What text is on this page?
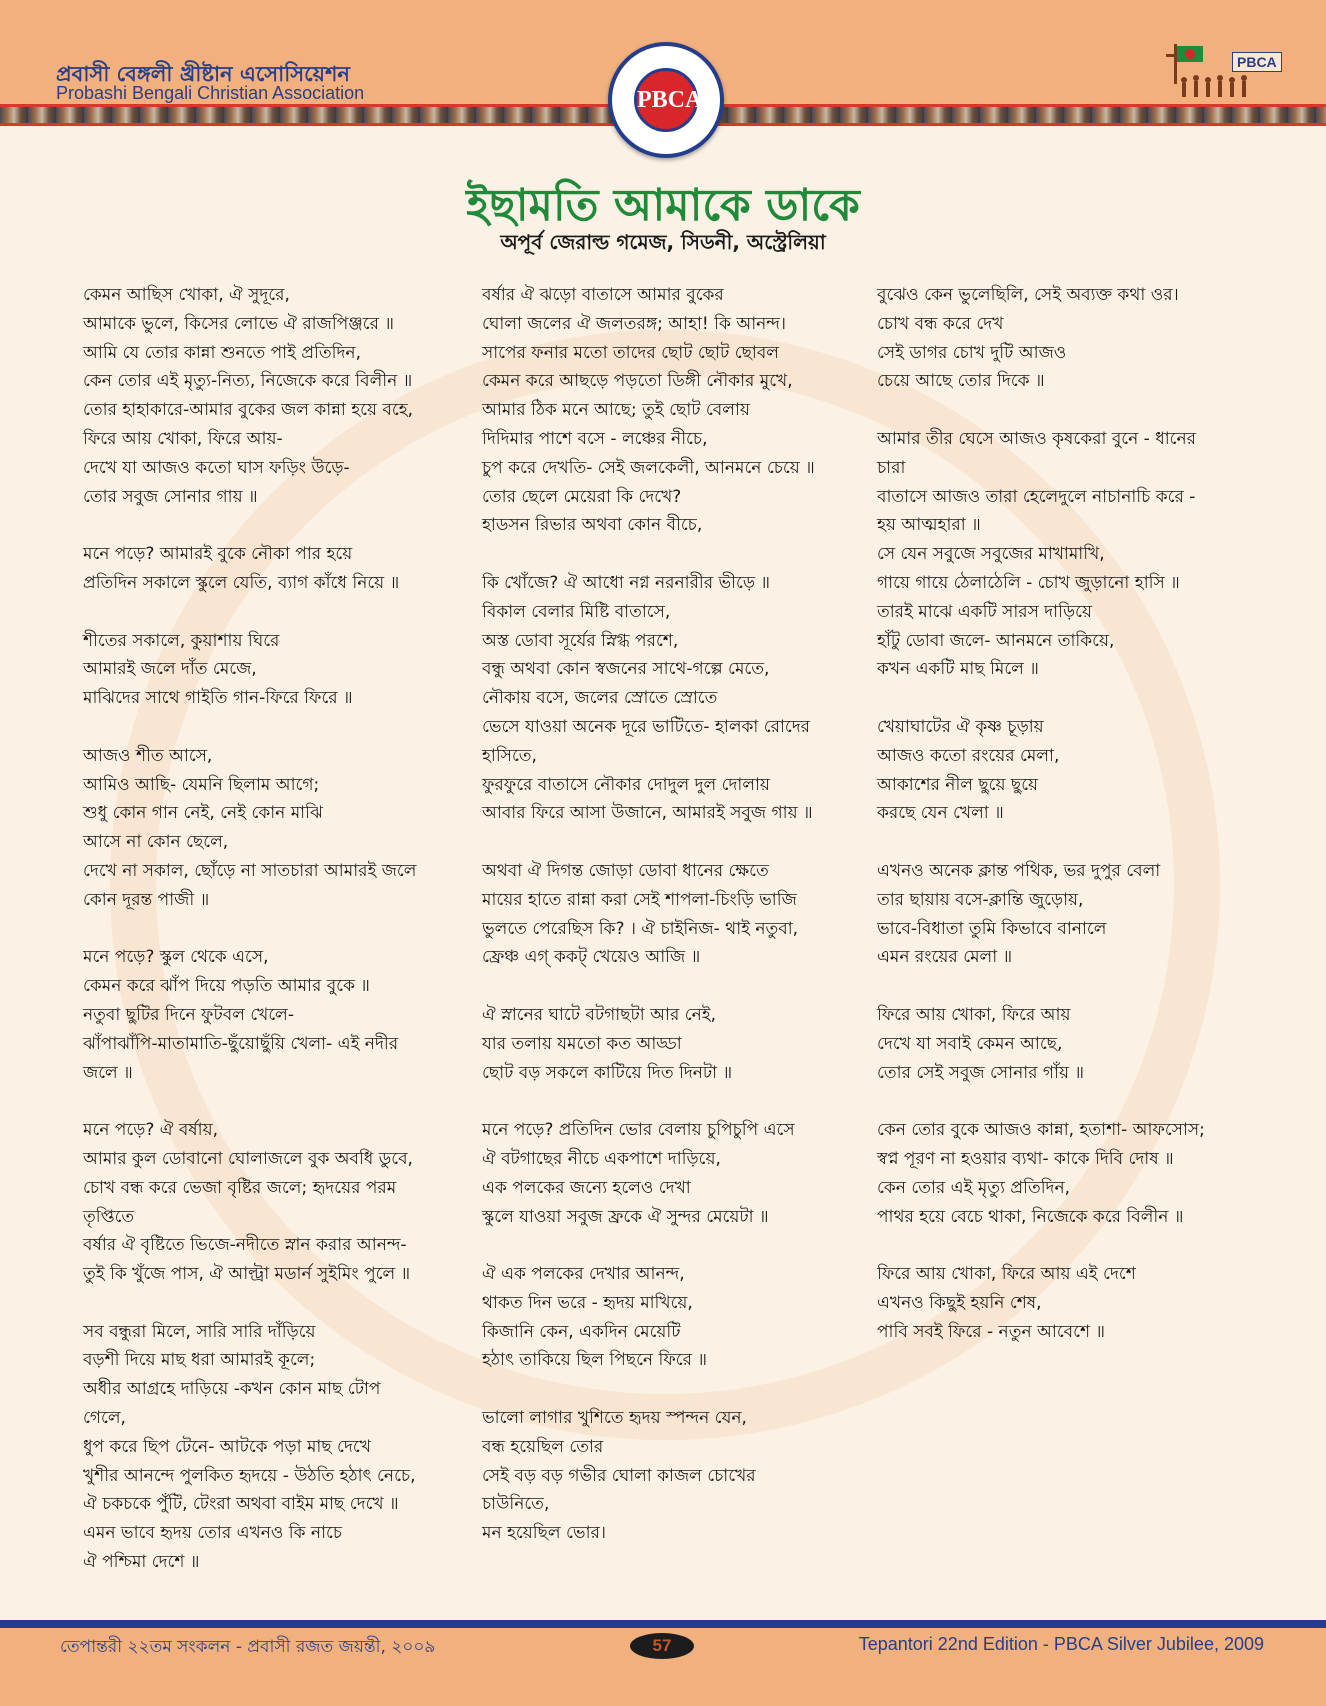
প্রবাসী বেঙ্গলী খ্রীষ্টান এসোসিয়েশন
Probashi Bengali Christian Association	PBCA
PBCA
ইছামতি আমাকে ডাকে
অপূর্ব জেরাল্ড গমেজ, সিডনী, অস্ট্রেলিয়া
কেমন আছিস খোকা, ঐ সুদূরে,
আমাকে ভুলে, কিসের লোভে ঐ রাজপিঞ্জরে ॥
আমি যে তোর কান্না শুনতে পাই প্রতিদিন,
কেন তোর এই মৃত্যু-নিত্য, নিজেকে করে বিলীন ॥
তোর হাহাকারে-আমার বুকের জল কান্না হয়ে বহে,
ফিরে আয় খোকা, ফিরে আয়-
দেখে যা আজও কতো ঘাস ফড়িং উড়ে-
তোর সবুজ সোনার গায় ॥
মনে পড়ে? আমারই বুকে নৌকা পার হয়ে
প্রতিদিন সকালে স্কুলে যেতি, ব্যাগ কাঁধে নিয়ে ॥
শীতের সকালে, কুয়াশায় ঘিরে
আমারই জলে দাঁত মেজে,
মাঝিদের সাথে গাইতি গান-ফিরে ফিরে ॥
আজও শীত আসে,
আমিও আছি- যেমনি ছিলাম আগে;
শুধু কোন গান নেই, নেই কোন মাঝি
আসে না কোন ছেলে,
দেখে না সকাল, ছোঁড়ে না সাতচারা আমারই জলে
কোন দূরন্ত পাজী ॥
মনে পড়ে? স্কুল থেকে এসে,
কেমন করে ঝাঁপ দিয়ে পড়তি আমার বুকে ॥
নতুবা ছুটির দিনে ফুটবল খেলে-
ঝাঁপাঝাঁপি-মাতামাতি-ছুঁয়োছুঁয়ি খেলা- এই নদীর
জলে ॥
মনে পড়ে? ঐ বর্ষায়,
আমার কুল ডোবানো ঘোলাজলে বুক অবধি ডুবে,
চোখ বন্ধ করে ভেজা বৃষ্টির জলে; হৃদয়ের পরম
তৃপ্তিতে
বর্ষার ঐ বৃষ্টিতে ভিজে-নদীতে স্নান করার আনন্দ-
তুই কি খুঁজে পাস, ঐ আল্ট্রা মডার্ন সুইমিং পুলে ॥
সব বন্ধুরা মিলে, সারি সারি দাঁড়িয়ে
বড়শী দিয়ে মাছ ধরা আমারই কূলে;
অধীর আগ্রহে দাড়িয়ে -কখন কোন মাছ টোপ
গেলে,
ধুপ করে ছিপ টেনে- আটকে পড়া মাছ দেখে
খুশীর আনন্দে পুলকিত হৃদয়ে - উঠতি হঠাৎ নেচে,
ঐ চকচকে পুঁটি, টেংরা অথবা বাইম মাছ দেখে ॥
এমন ভাবে হৃদয় তোর এখনও কি নাচে
ঐ পশ্চিমা দেশে ॥
বর্ষার ঐ ঝড়ো বাতাসে আমার বুকের
ঘোলা জলের ঐ জলতরঙ্গ; আহা! কি আনন্দ।
সাপের ফনার মতো তাদের ছোট ছোট ছোবল
কেমন করে আছড়ে পড়তো ডিঙ্গী নৌকার মুখে,
আমার ঠিক মনে আছে; তুই ছোট বেলায়
দিদিমার পাশে বসে - লঞ্চের নীচে,
চুপ করে দেখতি- সেই জলকেলী, আনমনে চেয়ে ॥
তোর ছেলে মেয়েরা কি দেখে?
হাডসন রিভার অথবা কোন বীচে,
কি খোঁজে? ঐ আধো নগ্ন নরনারীর ভীড়ে ॥
বিকাল বেলার মিষ্টি বাতাসে,
অস্ত ডোবা সূর্যের স্নিগ্ধ পরশে,
বন্ধু অথবা কোন স্বজনের সাথে-গল্পে মেতে,
নৌকায় বসে, জলের স্রোতে স্রোতে
ভেসে যাওয়া অনেক দূরে ভাটিতে- হালকা রোদের
হাসিতে,
ফুরফুরে বাতাসে নৌকার দোদুল দুল দোলায়
আবার ফিরে আসা উজানে, আমারই সবুজ গায় ॥
অথবা ঐ দিগন্ত জোড়া ডোবা ধানের ক্ষেতে
মায়ের হাতে রান্না করা সেই শাপলা-চিংড়ি ভাজি
ভুলতে পেরেছিস কি? । ঐ চাইনিজ- থাই নতুবা,
ফ্রেঞ্চ এগ্ ককট্ খেয়েও আজি ॥
ঐ স্নানের ঘাটে বটগাছটা আর নেই,
যার তলায় যমতো কত আড্ডা
ছোট বড় সকলে কাটিয়ে দিত দিনটা ॥
মনে পড়ে? প্রতিদিন ভোর বেলায় চুপিচুপি এসে
ঐ বটগাছের নীচে একপাশে দাড়িয়ে,
এক পলকের জন্যে হলেও দেখা
স্কুলে যাওয়া সবুজ ফ্রকে ঐ সুন্দর মেয়েটা ॥
ঐ এক পলকের দেখার আনন্দ,
থাকত দিন ভরে - হৃদয় মাখিয়ে,
কিজানি কেন, একদিন মেয়েটি
হঠাৎ তাকিয়ে ছিল পিছনে ফিরে ॥
ভালো লাগার খুশিতে হৃদয় স্পন্দন যেন,
বন্ধ হয়েছিল তোর
সেই বড় বড় গভীর ঘোলা কাজল চোখের
চাউনিতে,
মন হয়েছিল ভোর।
বুঝেও কেন ভুলেছিলি, সেই অব্যক্ত কথা ওর।
চোখ বন্ধ করে দেখ
সেই ডাগর চোখ দুটি আজও
চেয়ে আছে তোর দিকে ॥
আমার তীর ঘেসে আজও কৃষকেরা বুনে - ধানের
চারা
বাতাসে আজও তারা হেলেদুলে নাচানাচি করে -
হয় আত্মহারা ॥
সে যেন সবুজে সবুজের মাখামাখি,
গায়ে গায়ে ঠেলাঠেলি - চোখ জুড়ানো হাসি ॥
তারই মাঝে একটি সারস দাড়িয়ে
হাঁটু ডোবা জলে- আনমনে তাকিয়ে,
কখন একটি মাছ মিলে ॥
খেয়াঘাটের ঐ কৃষ্ণ চূড়ায়
আজও কতো রংয়ের মেলা,
আকাশের নীল ছুয়ে ছুয়ে
করছে যেন খেলা ॥
এখনও অনেক ক্লান্ত পথিক, ভর দুপুর বেলা
তার ছায়ায় বসে-ক্লান্তি জুড়োয়,
ভাবে-বিধাতা তুমি কিভাবে বানালে
এমন রংয়ের মেলা ॥
ফিরে আয় খোকা, ফিরে আয়
দেখে যা সবাই কেমন আছে,
তোর সেই সবুজ সোনার গাঁয় ॥
কেন তোর বুকে আজও কান্না, হতাশা- আফসোস;
স্বপ্ন পূরণ না হওয়ার ব্যথা- কাকে দিবি দোষ ॥
কেন তোর এই মৃত্যু প্রতিদিন,
পাথর হয়ে বেচে থাকা, নিজেকে করে বিলীন ॥
ফিরে আয় খোকা, ফিরে আয় এই দেশে
এখনও কিছুই হয়নি শেষ,
পাবি সবই ফিরে - নতুন আবেশে ॥
তেপান্তরী ২২তম সংকলন - প্রবাসী রজত জয়ন্তী, ২০০৯	57	Tepantori 22nd Edition - PBCA Silver Jubilee, 2009
